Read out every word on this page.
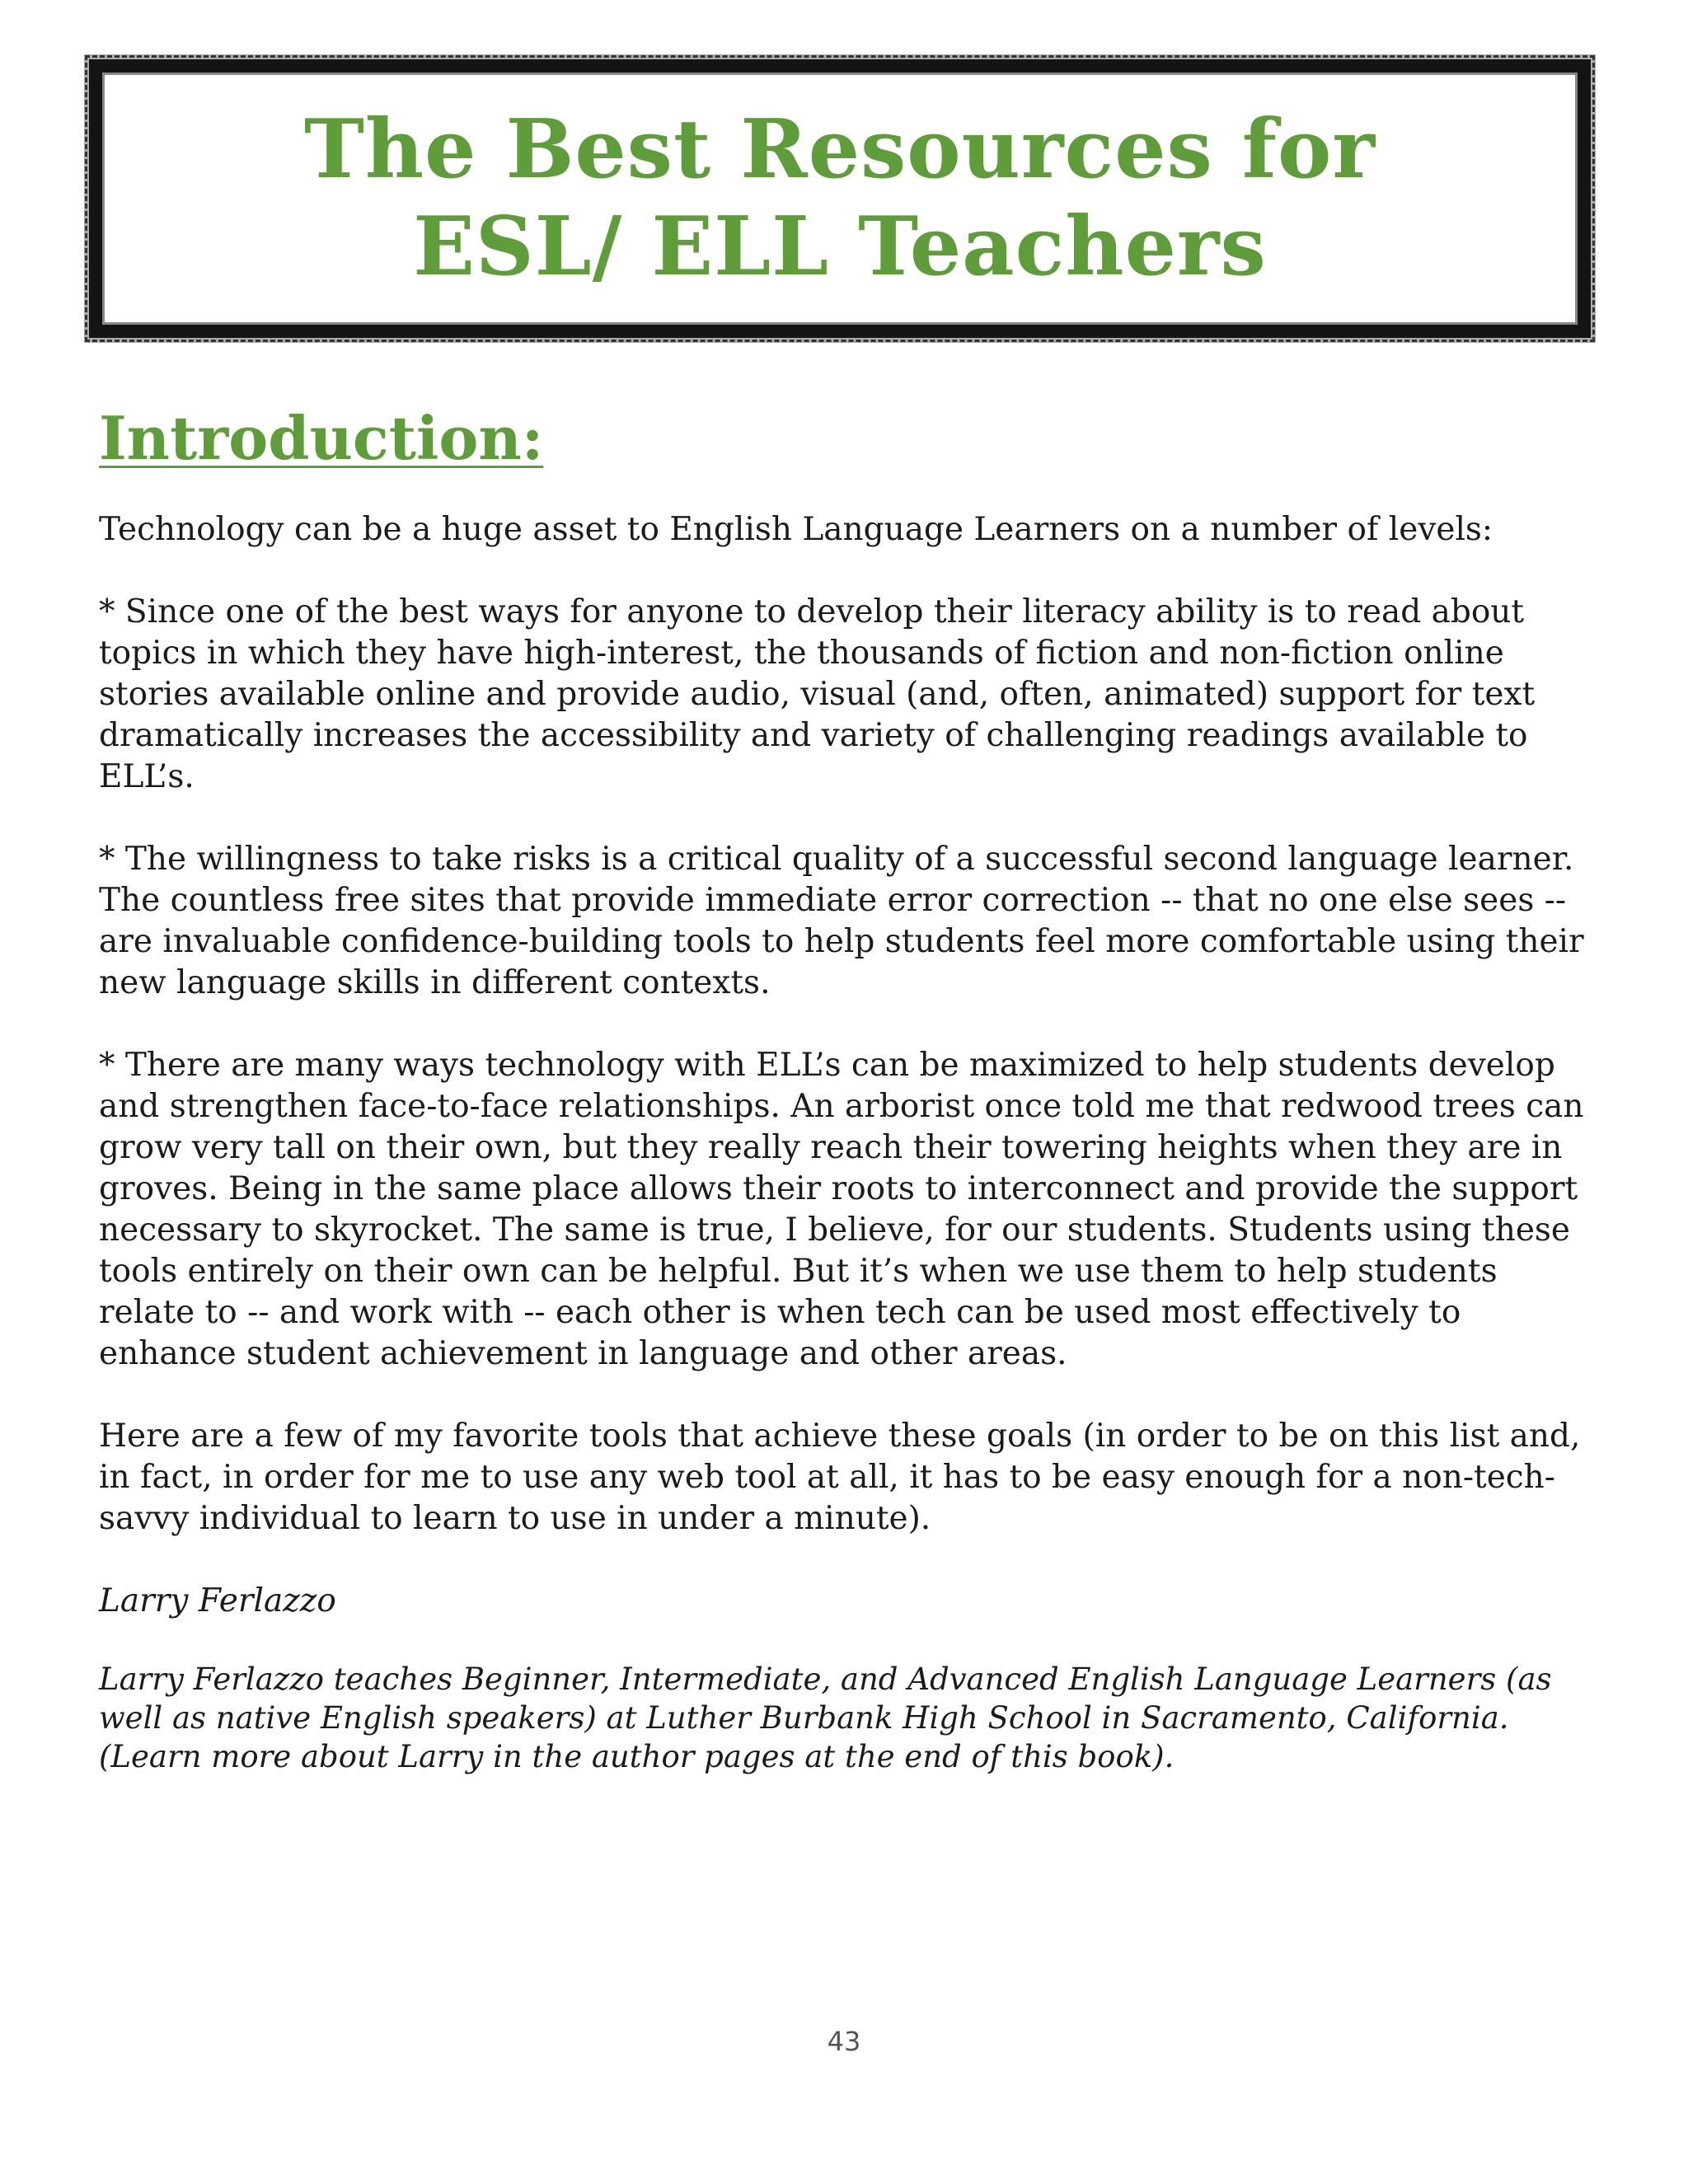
The Best Resources for
ESL/ ELL Teachers
Introduction:

Technology can be a huge asset to English Language Learners on a number of levels:

* Since one of the best ways for anyone to develop their literacy ability is to read about topics in which they have high-interest, the thousands of fiction and non-fiction online stories available online and provide audio, visual (and, often, animated) support for text dramatically increases the accessibility and variety of challenging readings available to ELL’s.

* The willingness to take risks is a critical quality of a successful second language learner. The countless free sites that provide immediate error correction -- that no one else sees -- are invaluable confidence-building tools to help students feel more comfortable using their new language skills in different contexts.

* There are many ways technology with ELL’s can be maximized to help students develop and strengthen face-to-face relationships. An arborist once told me that redwood trees can grow very tall on their own, but they really reach their towering heights when they are in groves. Being in the same place allows their roots to interconnect and provide the support necessary to skyrocket. The same is true, I believe, for our students. Students using these tools entirely on their own can be helpful. But it’s when we use them to help students relate to -- and work with -- each other is when tech can be used most effectively to enhance student achievement in language and other areas.

Here are a few of my favorite tools that achieve these goals (in order to be on this list and, in fact, in order for me to use any web tool at all, it has to be easy enough for a non-tech-savvy individual to learn to use in under a minute).

Larry Ferlazzo

Larry Ferlazzo teaches Beginner, Intermediate, and Advanced English Language Learners (as well as native English speakers) at Luther Burbank High School in Sacramento, California. (Learn more about Larry in the author pages at the end of this book).

43
